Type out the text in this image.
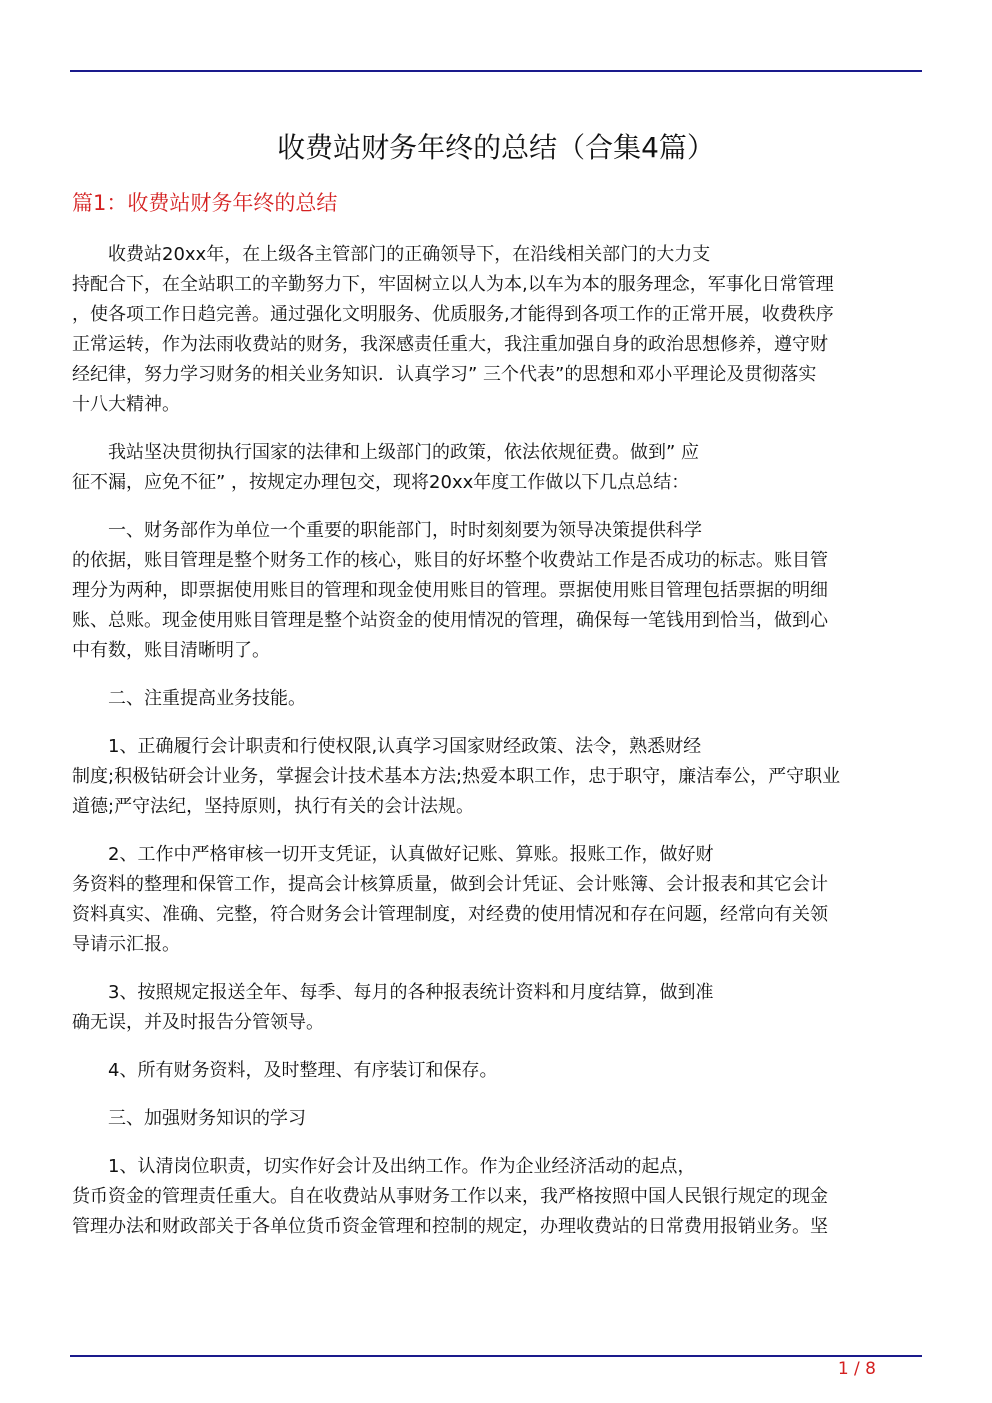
收费站财务年终的总结（合集4篇）
篇1：收费站财务年终的总结

收费站20xx年，在上级各主管部门的正确领导下，在沿线相关部门的大力支
持配合下，在全站职工的辛勤努力下，牢固树立以人为本,以车为本的服务理念，军事化日常管理
，使各项工作日趋完善。通过强化文明服务、优质服务,才能得到各项工作的正常开展，收费秩序
正常运转，作为法雨收费站的财务，我深感责任重大，我注重加强自身的政治思想修养，遵守财
经纪律，努力学习财务的相关业务知识．认真学习” 三个代表”的思想和邓小平理论及贯彻落实
十八大精神。

我站坚决贯彻执行国家的法律和上级部门的政策，依法依规征费。做到” 应
征不漏，应免不征” ，按规定办理包交，现将20xx年度工作做以下几点总结：

一、财务部作为单位一个重要的职能部门，时时刻刻要为领导决策提供科学
的依据，账目管理是整个财务工作的核心，账目的好坏整个收费站工作是否成功的标志。账目管
理分为两种，即票据使用账目的管理和现金使用账目的管理。票据使用账目管理包括票据的明细
账、总账。现金使用账目管理是整个站资金的使用情况的管理，确保每一笔钱用到恰当，做到心
中有数，账目清晰明了。

二、注重提高业务技能。

1、正确履行会计职责和行使权限,认真学习国家财经政策、法令，熟悉财经
制度;积极钻研会计业务，掌握会计技术基本方法;热爱本职工作，忠于职守，廉洁奉公，严守职业
道德;严守法纪，坚持原则，执行有关的会计法规。

2、工作中严格审核一切开支凭证，认真做好记账、算账。报账工作，做好财
务资料的整理和保管工作，提高会计核算质量，做到会计凭证、会计账簿、会计报表和其它会计
资料真实、准确、完整，符合财务会计管理制度，对经费的使用情况和存在问题，经常向有关领
导请示汇报。

3、按照规定报送全年、每季、每月的各种报表统计资料和月度结算，做到准
确无误，并及时报告分管领导。

4、所有财务资料，及时整理、有序装订和保存。

三、加强财务知识的学习

1、认清岗位职责，切实作好会计及出纳工作。作为企业经济活动的起点，
货币资金的管理责任重大。自在收费站从事财务工作以来，我严格按照中国人民银行规定的现金
管理办法和财政部关于各单位货币资金管理和控制的规定，办理收费站的日常费用报销业务。坚

1 / 8
